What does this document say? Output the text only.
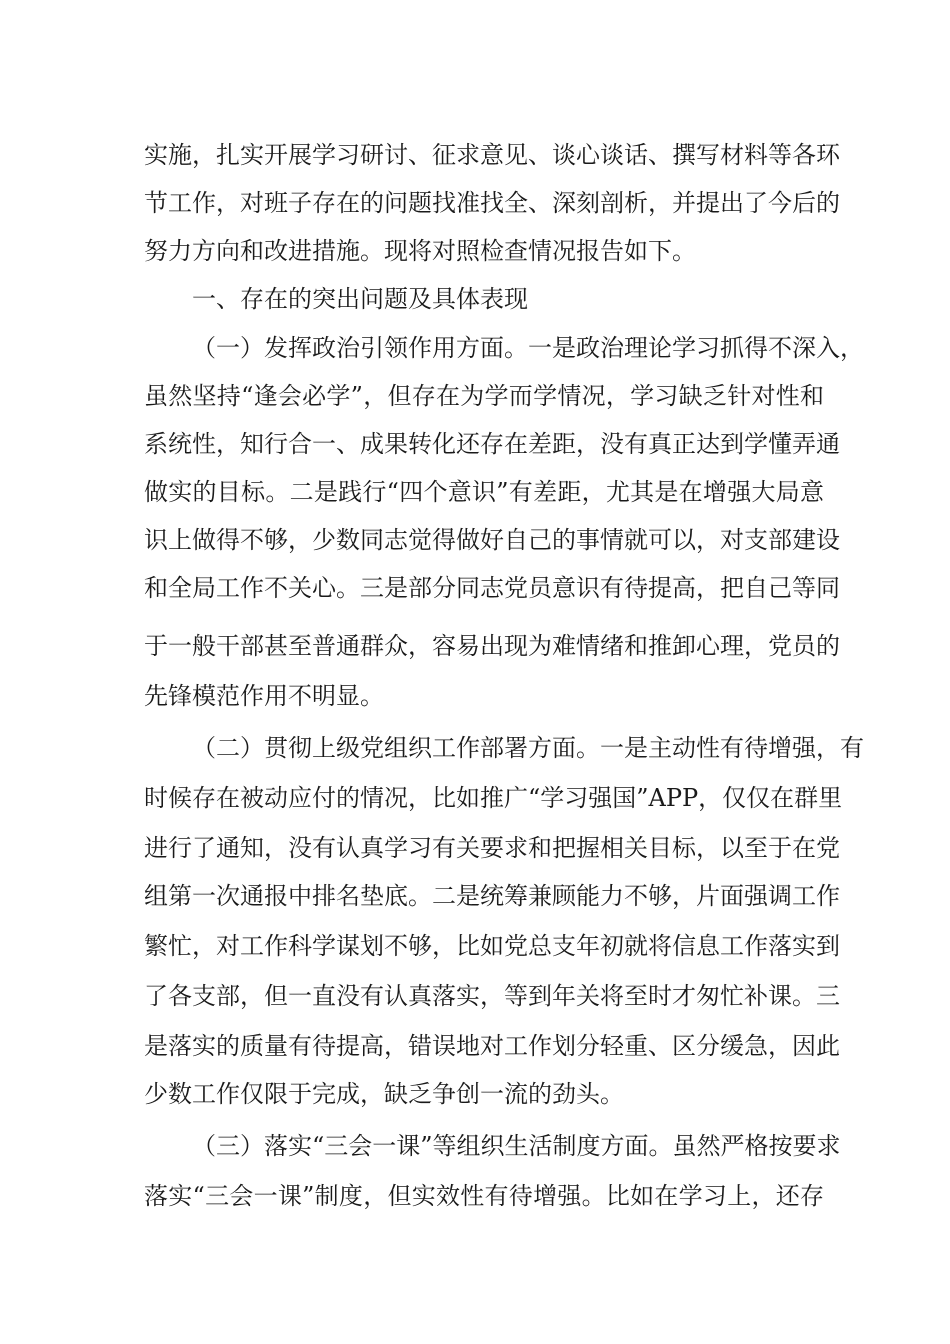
实施，扎实开展学习研讨、征求意见、谈心谈话、撰写材料等各环
节工作，对班子存在的问题找准找全、深刻剖析，并提出了今后的
努力方向和改进措施。现将对照检查情况报告如下。
一、存在的突出问题及具体表现
（一）发挥政治引领作用方面。一是政治理论学习抓得不深入，
虽然坚持“逢会必学”，但存在为学而学情况，学习缺乏针对性和
系统性，知行合一、成果转化还存在差距，没有真正达到学懂弄通
做实的目标。二是践行“四个意识”有差距，尤其是在增强大局意
识上做得不够，少数同志觉得做好自己的事情就可以，对支部建设
和全局工作不关心。三是部分同志党员意识有待提高，把自己等同
于一般干部甚至普通群众，容易出现为难情绪和推卸心理，党员的
先锋模范作用不明显。
（二）贯彻上级党组织工作部署方面。一是主动性有待增强，有
时候存在被动应付的情况，比如推广“学习强国”APP，仅仅在群里
进行了通知，没有认真学习有关要求和把握相关目标，以至于在党
组第一次通报中排名垫底。二是统筹兼顾能力不够，片面强调工作
繁忙，对工作科学谋划不够，比如党总支年初就将信息工作落实到
了各支部，但一直没有认真落实，等到年关将至时才匆忙补课。三
是落实的质量有待提高，错误地对工作划分轻重、区分缓急，因此
少数工作仅限于完成，缺乏争创一流的劲头。
（三）落实“三会一课”等组织生活制度方面。虽然严格按要求
落实“三会一课”制度，但实效性有待增强。比如在学习上，还存
